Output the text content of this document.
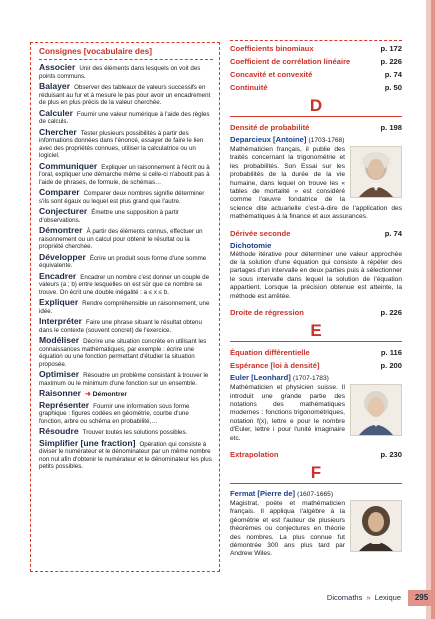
Consignes [vocabulaire des]
Associer Unir des éléments dans lesquels on voit des points communs.
Balayer Observer des tableaux de valeurs successifs en réduisant au fur et à mesure le pas pour avoir un encadrement de plus en plus précis de la valeur cherchée.
Calculer Fournir une valeur numérique à l'aide des règles de calculs.
Chercher Tester plusieurs possibilités à partir des informations données dans l'énoncé, essayer de faire le lien avec des propriétés connues, utiliser la calculatrice ou un logiciel.
Communiquer Expliquer un raisonnement à l'écrit ou à l'oral, expliquer une démarche même si celle-ci n'aboutit pas à l'aide de phrases, de formule, de schémas…
Comparer Comparer deux nombres signifie déterminer s'ils sont égaux ou lequel est plus grand que l'autre.
Conjecturer Émettre une supposition à partir d'observations.
Démontrer À partir des éléments connus, effectuer un raisonnement ou un calcul pour obtenir le résultat ou la propriété cherchée.
Développer Écrire un produit sous forme d'une somme équivalente.
Encadrer Encadrer un nombre c'est donner un couple de valeurs (a ; b) entre lesquelles on est sûr que ce nombre se trouve. On écrit une double inégalité : a ≤ x ≤ b.
Expliquer Rendre compréhensible un raisonnement, une idée.
Interpréter Faire une phrase situant le résultat obtenu dans le contexte (souvent concret) de l'exercice.
Modéliser Décrire une situation concrète en utilisant les connaissances mathématiques, par exemple : écrire une équation ou une fonction permettant d'étudier la situation proposée.
Optimiser Résoudre un problème consistant à trouver le maximum ou le minimum d'une fonction sur un ensemble.
Raisonner ➜ Démontrer
Représenter Fournir une information sous forme graphique : figures codées en géométrie, courbe d'une fonction, arbre ou schéma en probabilité,…
Résoudre Trouver toutes les solutions possibles.
Simplifier [une fraction] Opération qui consiste à diviser le numérateur et le dénominateur par un même nombre non nul afin d'obtenir le numérateur et le dénominateur les plus petits possibles.
Coefficients binomiaux	p. 172
Coefficient de corrélation linéaire	p. 226
Concavité et convexité	p. 74
Continuité	p. 50
D
Densité de probabilité	p. 198
Deparcieux [Antoine] (1703-1768)
Mathématicien français, il publie des traités concernant la trigonométrie et les probabilités. Son Essai sur les probabilités de la durée de la vie humaine, dans lequel on trouve les « tables de mortalité » est considéré comme l'œuvre fondatrice de la science dite actuarielle c'est-à-dire de l'application des mathématiques à la finance et aux assurances.
Dérivée seconde	p. 74
Dichotomie
Méthode itérative pour déterminer une valeur approchée de la solution d'une équation qui consiste à répéter des partages d'un intervalle en deux parties puis à sélectionner le sous intervalle dans lequel la solution de l'équation appartient. Lorsque la précision obtenue est atteinte, la méthode est arrêtée.
Droite de régression	p. 226
E
Équation différentielle	p. 116
Espérance [loi à densité]	p. 200
Euler [Leonhard] (1707-1783)
Mathématicien et physicien suisse. Il introduit une grande partie des notations des mathématiques modernes : fonctions trigonométriques, notation f(x), lettre e pour le nombre d'Euler, lettre i pour l'unité imaginaire etc.
Extrapolation	p. 230
F
Fermat [Pierre de] (1607-1665)
Magistrat, poète et mathématicien français. Il appliqua l'algèbre à la géométrie et est l'auteur de plusieurs théorèmes ou conjectures en théorie des nombres. La plus connue fut démontrée 300 ans plus tard par Andrew Wiles.
Dicomaths » Lexique	295
